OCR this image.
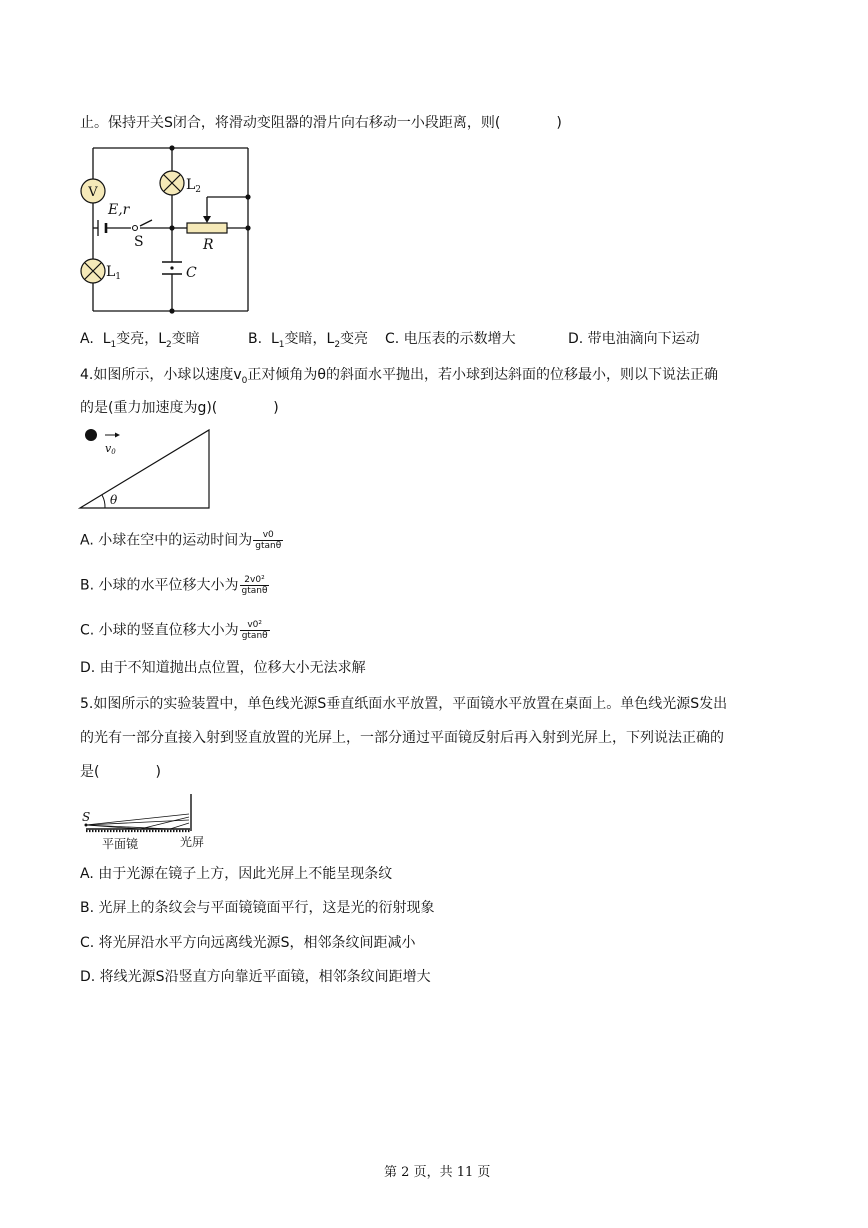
止。保持开关S闭合，将滑动变阻器的滑片向右移动一小段距离，则(　　　　)
V
E,r
S
$L_2$
$L_1$
R
C
A. $L_1$变亮，$L_2$变暗	B. $L_1$变暗，$L_2$变亮 C. 电压表的示数增大	D. 带电油滴向下运动
4.如图所示，小球以速度$v_0$正对倾角为θ的斜面水平抛出，若小球到达斜面的位移最小，则以下说法正确
的是(重力加速度为g)(　　　　)
v0
θ
A. 小球在空中的运动时间为 $\frac{v0}{gtan\theta}$
B. 小球的水平位移大小为 $\frac{\text{2v0²}}{gtan\theta}$
C. 小球的竖直位移大小为 $\frac{\text{v0²}}{gtan\theta}$
D. 由于不知道抛出点位置，位移大小无法求解
5.如图所示的实验装置中，单色线光源S垂直纸面水平放置，平面镜水平放置在桌面上。单色线光源S发出
的光有一部分直接入射到竖直放置的光屏上，一部分通过平面镜反射后再入射到光屏上，下列说法正确的
是(　　　　)
S
平面镜	光屏
A. 由于光源在镜子上方，因此光屏上不能呈现条纹
B. 光屏上的条纹会与平面镜镜面平行，这是光的衍射现象
C. 将光屏沿水平方向远离线光源S，相邻条纹间距减小
D. 将线光源S沿竖直方向靠近平面镜，相邻条纹间距增大
第 2 页，共 11 页
